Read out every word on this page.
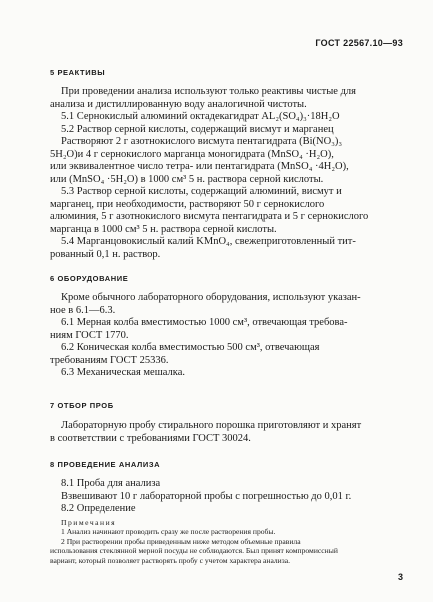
ГОСТ 22567.10—93
5 РЕАКТИВЫ
При проведении анализа используют только реактивы чистые для
анализа и дистиллированную воду аналогичной чистоты.
5.1 Сернокислый алюминий октадекагидрат AL₂(SO₄)₃·18H₂O
5.2 Раствор серной кислоты, содержащий висмут и марганец
Растворяют 2 г азотнокислого висмута пентагидрата (Bi(NO₃)₃
5H₂O)и 4 г сернокислого марганца моногидрата (MnSO₄ ·H₂O),
или эквивалентное число тетра- или пентагидрата (MnSO₄ ·4H₂O),
или (MnSO₄ ·5H₂O) в 1000 см³ 5 н. раствора серной кислоты.
5.3 Раствор серной кислоты, содержащий алюминий, висмут и
марганец, при необходимости, растворяют 50 г сернокислого
алюминия, 5 г азотнокислого висмута пентагидрата и 5 г сернокислого
марганца в 1000 см³ 5 н. раствора серной кислоты.
5.4 Марганцовокислый калий KMnO₄, свежеприготовленный тит-
рованный 0,1 н. раствор.
6 ОБОРУДОВАНИЕ
Кроме обычного лабораторного оборудования, используют указан-
ное в 6.1—6.3.
6.1 Мерная колба вместимостью 1000 см³, отвечающая требова-
ниям ГОСТ 1770.
6.2 Коническая колба вместимостью 500 см³, отвечающая
требованиям ГОСТ 25336.
6.3 Механическая мешалка.
7 ОТБОР ПРОБ
Лабораторную пробу стирального порошка приготовляют и хранят
в соответствии с требованиями ГОСТ 30024.
8 ПРОВЕДЕНИЕ АНАЛИЗА
8.1 Проба для анализа
Взвешивают 10 г лабораторной пробы с погрешностью до 0,01 г.
8.2 Определение
Примечания
1 Анализ начинают проводить сразу же после растворения пробы.
2 При растворении пробы приведенным ниже методом объемные правила
использования стеклянной мерной посуды не соблюдаются. Был принят компромиссный
вариант, который позволяет растворять пробу с учетом характера анализа.
3
